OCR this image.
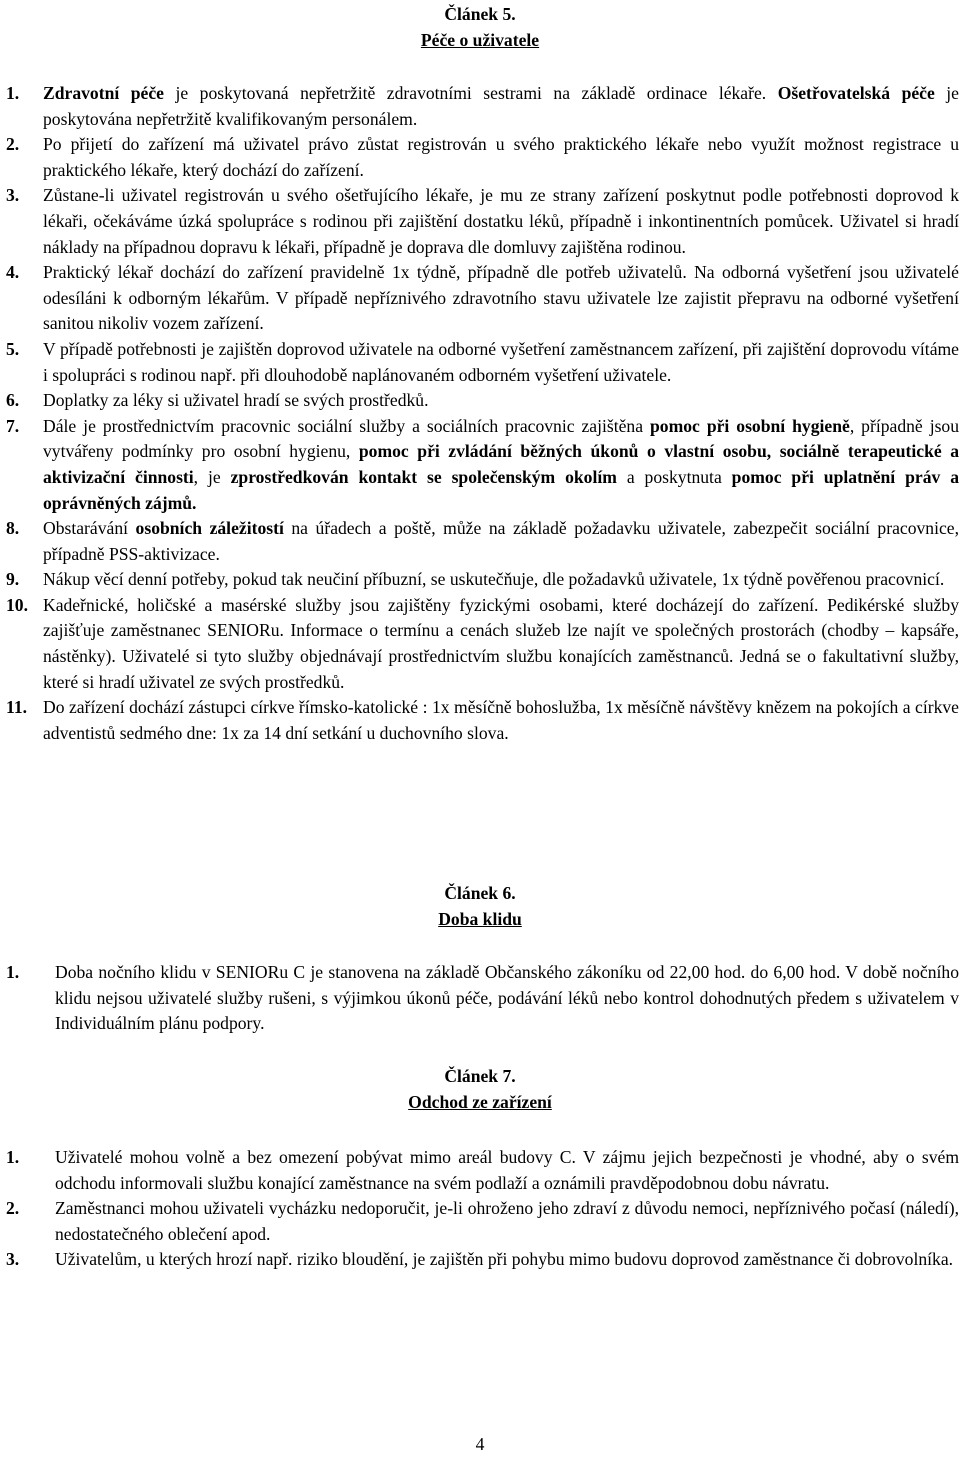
Článek 5.
Péče o uživatele
1. Zdravotní péče je poskytovaná nepřetržitě zdravotními sestrami na základě ordinace lékaře. Ošetřovatelská péče je poskytována nepřetržitě kvalifikovaným personálem.
2. Po přijetí do zařízení má uživatel právo zůstat registrován u svého praktického lékaře nebo využít možnost registrace u praktického lékaře, který dochází do zařízení.
3. Zůstane-li uživatel registrován u svého ošetřujícího lékaře, je mu ze strany zařízení poskytnut podle potřebnosti doprovod k lékaři, očekáváme úzká spolupráce s rodinou při zajištění dostatku léků, případně i inkontinentních pomůcek. Uživatel si hradí náklady na případnou dopravu k lékaři, případně je doprava dle domluvy zajištěna rodinou.
4. Praktický lékař dochází do zařízení pravidelně 1x týdně, případně dle potřeb uživatelů. Na odborná vyšetření jsou uživatelé odesíláni k odborným lékařům. V případě nepříznivého zdravotního stavu uživatele lze zajistit přepravu na odborné vyšetření sanitou nikoliv vozem zařízení.
5. V případě potřebnosti je zajištěn doprovod uživatele na odborné vyšetření zaměstnancem zařízení, při zajištění doprovodu vítáme i spolupráci s rodinou např. při dlouhodobě naplánovaném odborném vyšetření uživatele.
6. Doplatky za léky si uživatel hradí se svých prostředků.
7. Dále je prostřednictvím pracovnic sociální služby a sociálních pracovnic zajištěna pomoc při osobní hygieně, případně jsou vytvářeny podmínky pro osobní hygienu, pomoc při zvládání běžných úkonů o vlastní osobu, sociálně terapeutické a aktivizační činnosti, je zprostředkován kontakt se společenským okolím a poskytnuta pomoc při uplatnění práv a oprávněných zájmů.
8. Obstarávání osobních záležitostí na úřadech a poště, může na základě požadavku uživatele, zabezpečit sociální pracovnice, případně PSS-aktivizace.
9. Nákup věcí denní potřeby, pokud tak neučiní příbuzní, se uskutečňuje, dle požadavků uživatele, 1x týdně pověřenou pracovnicí.
10. Kadeřnické, holičské a masérské služby jsou zajištěny fyzickými osobami, které docházejí do zařízení. Pedikérské služby zajišťuje zaměstnanec SENIORu. Informace o termínu a cenách služeb lze najít ve společných prostorách (chodby – kapsáře, nástěnky). Uživatelé si tyto služby objednávají prostřednictvím službu konajících zaměstnanců. Jedná se o fakultativní služby, které si hradí uživatel ze svých prostředků.
11. Do zařízení dochází zástupci církve římsko-katolické : 1x měsíčně bohoslužba, 1x měsíčně návštěvy knězem na pokojích a církve adventistů sedmého dne: 1x za 14 dní setkání u duchovního slova.
Článek 6.
Doba klidu
1. Doba nočního klidu v SENIORu C je stanovena na základě Občanského zákoníku od 22,00 hod. do 6,00 hod. V době nočního klidu nejsou uživatelé služby rušeni, s výjimkou úkonů péče, podávání léků nebo kontrol dohodnutých předem s uživatelem v Individuálním plánu podpory.
Článek 7.
Odchod ze zařízení
1. Uživatelé mohou volně a bez omezení pobývat mimo areál budovy C. V zájmu jejich bezpečnosti je vhodné, aby o svém odchodu informovali službu konající zaměstnance na svém podlaží a oznámili pravděpodobnou dobu návratu.
2. Zaměstnanci mohou uživateli vycházku nedoporučit, je-li ohroženo jeho zdraví z důvodu nemoci, nepříznivého počasí (náledí), nedostatečného oblečení apod.
3. Uživatelům, u kterých hrozí např. riziko bloudění, je zajištěn při pohybu mimo budovu doprovod zaměstnance či dobrovolníka.
4
